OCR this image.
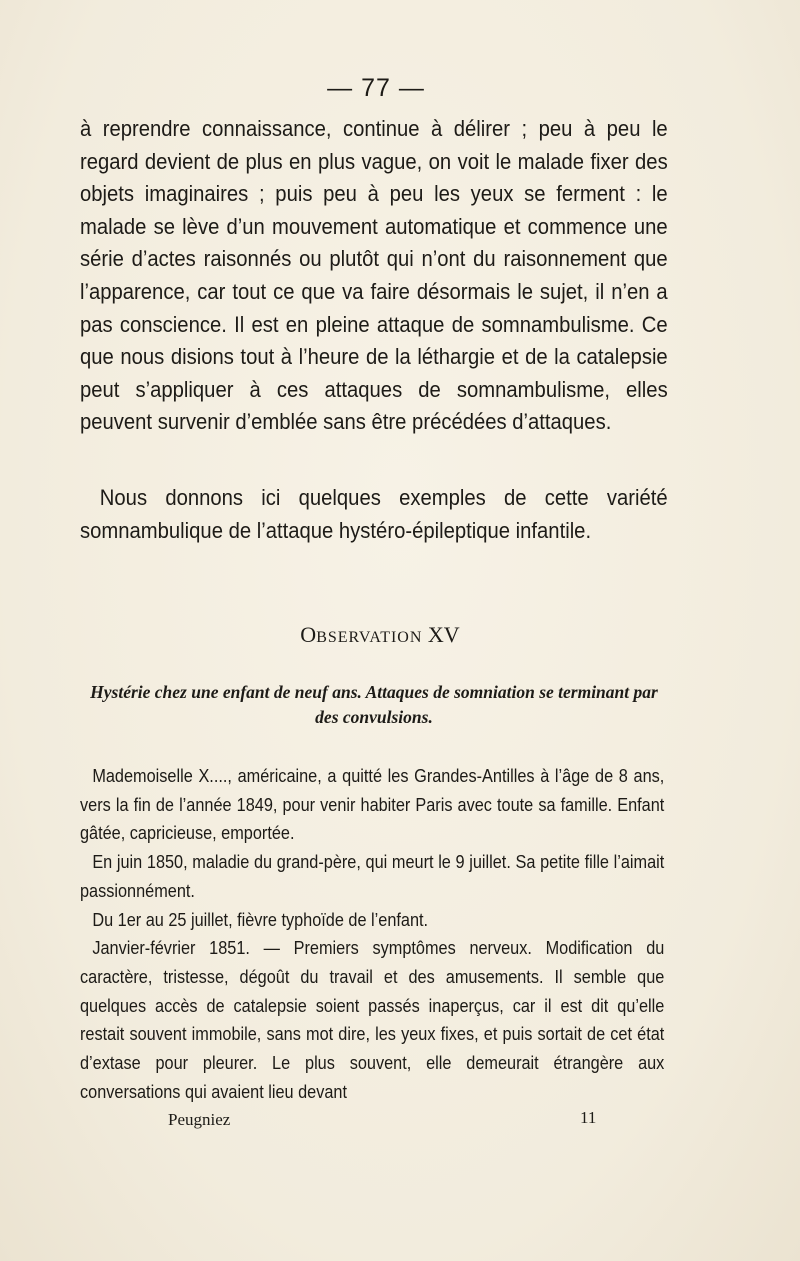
— 77 —

à reprendre connaissance, continue à délirer ; peu à peu le regard devient de plus en plus vague, on voit le malade fixer des objets imaginaires ; puis peu à peu les yeux se ferment : le malade se lève d’un mouvement automatique et commence une série d’actes raisonnés ou plutôt qui n’ont du raisonnement que l’apparence, car tout ce que va faire désormais le sujet, il n’en a pas conscience. Il est en pleine attaque de somnambulisme. Ce que nous disions tout à l’heure de la léthargie et de la catalepsie peut s’appliquer à ces attaques de somnambulisme, elles peuvent survenir d’emblée sans être précédées d’attaques.

Nous donnons ici quelques exemples de cette variété somnambulique de l’attaque hystéro-épileptique infantile.

OBSERVATION XV
Hystérie chez une enfant de neuf ans. Attaques de somniation se terminant par des convulsions.

Mademoiselle X...., américaine, a quitté les Grandes-Antilles à l’âge de 8 ans, vers la fin de l’année 1849, pour venir habiter Paris avec toute sa famille. Enfant gâtée, capricieuse, emportée.

En juin 1850, maladie du grand-père, qui meurt le 9 juillet. Sa petite fille l’aimait passionnément.

Du 1er au 25 juillet, fièvre typhoïde de l’enfant.

Janvier-février 1851. — Premiers symptômes nerveux. Modification du caractère, tristesse, dégoût du travail et des amusements. Il semble que quelques accès de catalepsie soient passés inaperçus, car il est dit qu’elle restait souvent immobile, sans mot dire, les yeux fixes, et puis sortait de cet état d’extase pour pleurer. Le plus souvent, elle demeurait étrangère aux conversations qui avaient lieu devant

Peugniez	11
